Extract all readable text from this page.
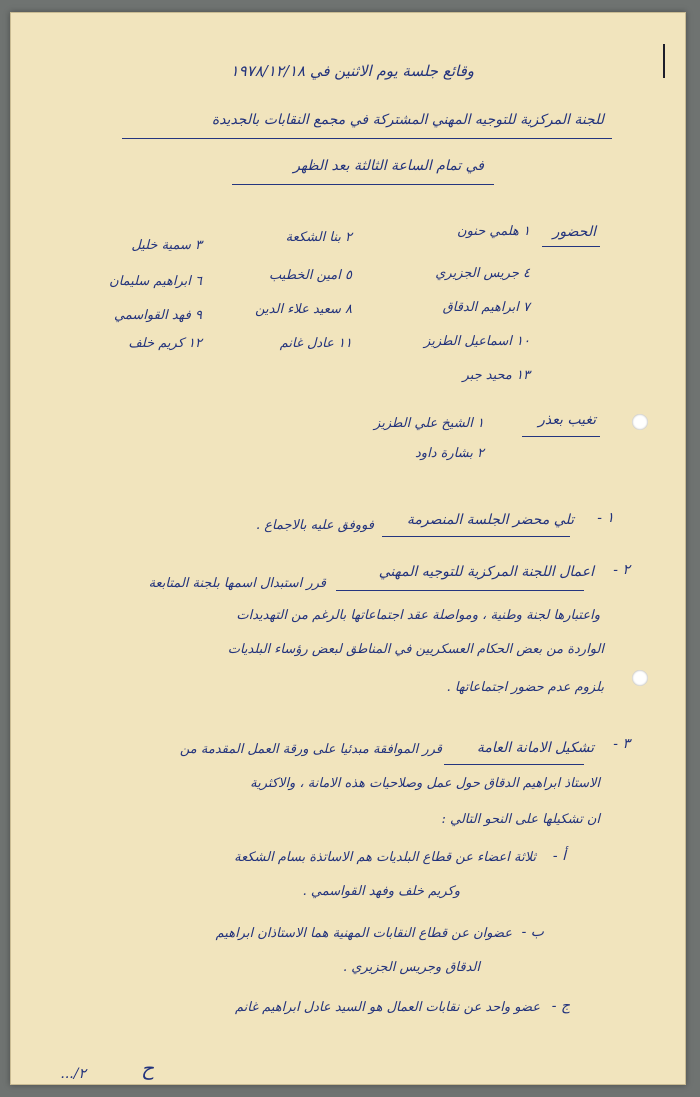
وقائع جلسة يوم الاثنين في ١٩٧٨/١٢/١٨
للجنة المركزية للتوجيه المهني المشتركة في مجمع النقابات بالجديدة
في تمام الساعة الثالثة بعد الظهر
الحضور
١ هلمي حنون
٢ بنا الشكعة
٣ سمية خليل
٤ جريس الجزيري
٥ امين الخطيب
٦ ابراهيم سليمان
٧ ابراهيم الدقاق
٨ سعيد علاء الدين
٩ فهد القواسمي
١٠ اسماعيل الطزيز
١١ عادل غانم
١٢ كريم خلف
١٣ محيد جبر
تغيب بعذر
١ الشيخ علي الطزيز
٢ بشارة داود
١ -
تلي محضر الجلسة المنصرمة
فووفق عليه بالاجماع .
٢ -
اعمال اللجنة المركزية للتوجيه المهني
قرر استبدال اسمها بلجنة المتابعة
واعتبارها لجنة وطنية ، ومواصلة عقد اجتماعاتها بالرغم من التهديدات
الواردة من بعض الحكام العسكريين في المناطق لبعض رؤساء البلديات
بلزوم عدم حضور اجتماعاتها .
٣ -
تشكيل الامانة العامة
قرر الموافقة مبدئيا على ورقة العمل المقدمة من
الاستاذ ابراهيم الدقاق حول عمل وصلاحيات هذه الامانة ، والاكثرية
ان تشكيلها على النحو التالي :
أ -
ثلاثة اعضاء عن قطاع البلديات هم الاساتذة بسام الشكعة
وكريم خلف وفهد القواسمي .
ب -
عضوان عن قطاع النقابات المهنية هما الاستاذان ابراهيم
الدقاق وجريس الجزيري .
ج -
عضو واحد عن نقابات العمال هو السيد عادل ابراهيم غانم
٢/...	ح
